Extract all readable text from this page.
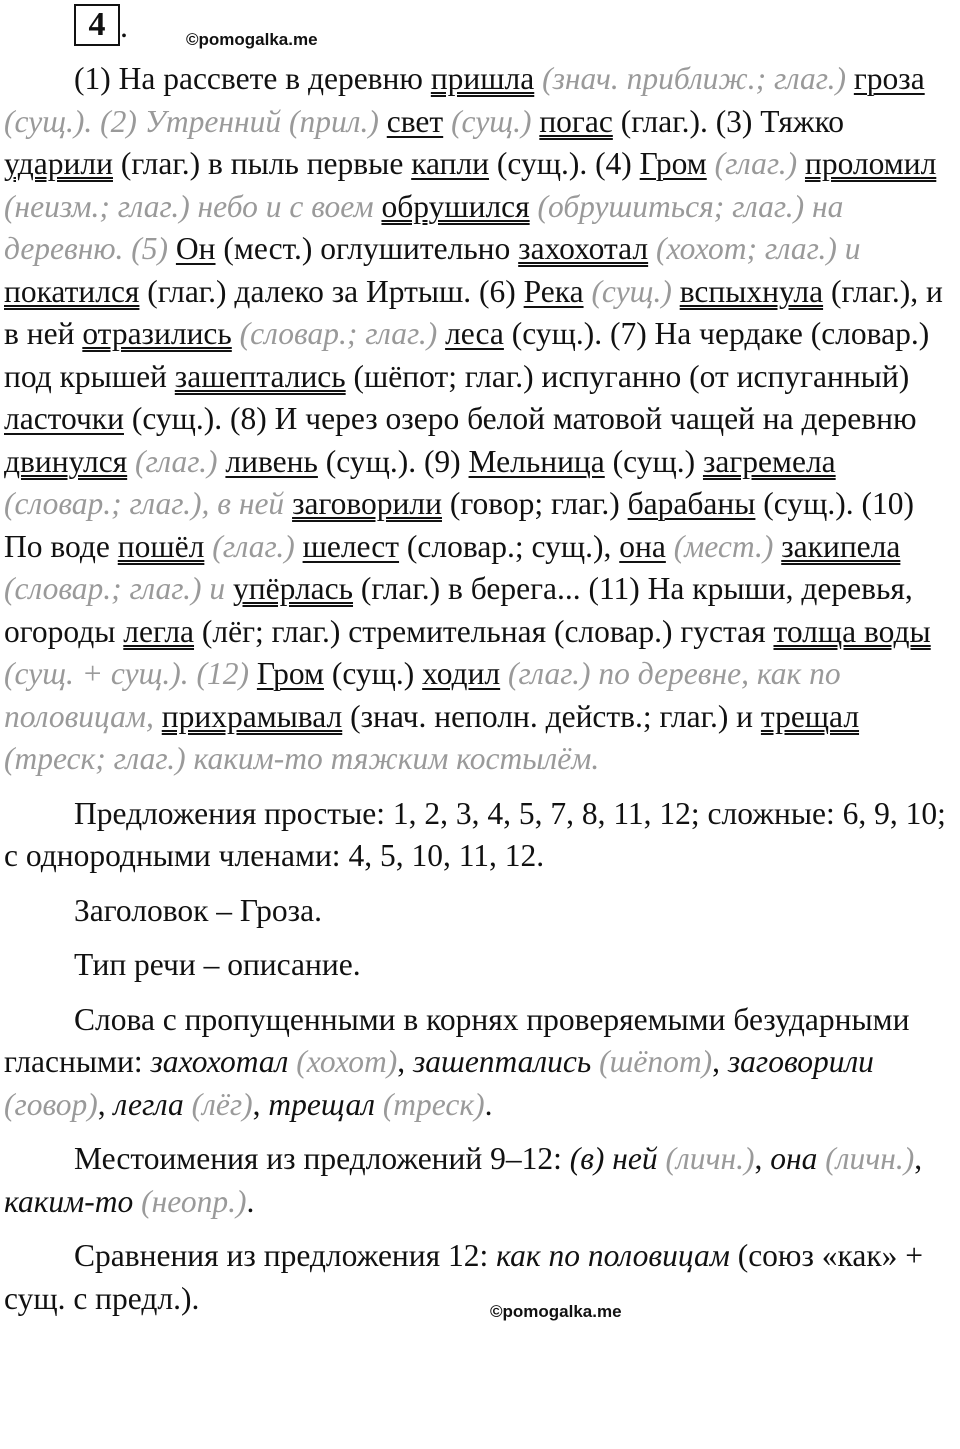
4 .	©pomogalka.me

(1) На рассвете в деревню пришла (знач. приближ.; глаг.) гроза (сущ.). (2) Утренний (прил.) свет (сущ.) погас (глаг.). (3) Тяжко ударили (глаг.) в пыль первые капли (сущ.). (4) Гром (глаг.) проломил (неизм.; глаг.) небо и с воем обрушился (обрушиться; глаг.) на деревню. (5) Он (мест.) оглушительно захохотал (хохот; глаг.) и покатился (глаг.) далеко за Иртыш. (6) Река (сущ.) вспыхнула (глаг.), и в ней отразились (словар.; глаг.) леса (сущ.). (7) На чердаке (словар.) под крышей зашептались (шёпот; глаг.) испуганно (от испуганный) ласточки (сущ.). (8) И через озеро белой матовой чащей на деревню двинулся (глаг.) ливень (сущ.). (9) Мельница (сущ.) загремела (словар.; глаг.), в ней заговорили (говор; глаг.) барабаны (сущ.). (10) По воде пошёл (глаг.) шелест (словар.; сущ.), она (мест.) закипела (словар.; глаг.) и упёрлась (глаг.) в берега... (11) На крыши, деревья, огороды легла (лёг; глаг.) стремительная (словар.) густая толща воды (сущ. + сущ.). (12) Гром (сущ.) ходил (глаг.) по деревне, как по половицам, прихрамывал (знач. неполн. действ.; глаг.) и трещал (треск; глаг.) каким-то тяжким костылём.

Предложения простые: 1, 2, 3, 4, 5, 7, 8, 11, 12; сложные: 6, 9, 10; с однородными членами: 4, 5, 10, 11, 12.

Заголовок – Гроза.

Тип речи – описание.

Слова с пропущенными в корнях проверяемыми безударными гласными: захохотал (хохот), зашептались (шёпот), заговорили (говор), легла (лёг), трещал (треск).

Местоимения из предложений 9–12: (в) ней (личн.), она (личн.), каким-то (неопр.).

Сравнения из предложения 12: как по половицам (союз «как» + сущ. с предл.).	©pomogalka.me
